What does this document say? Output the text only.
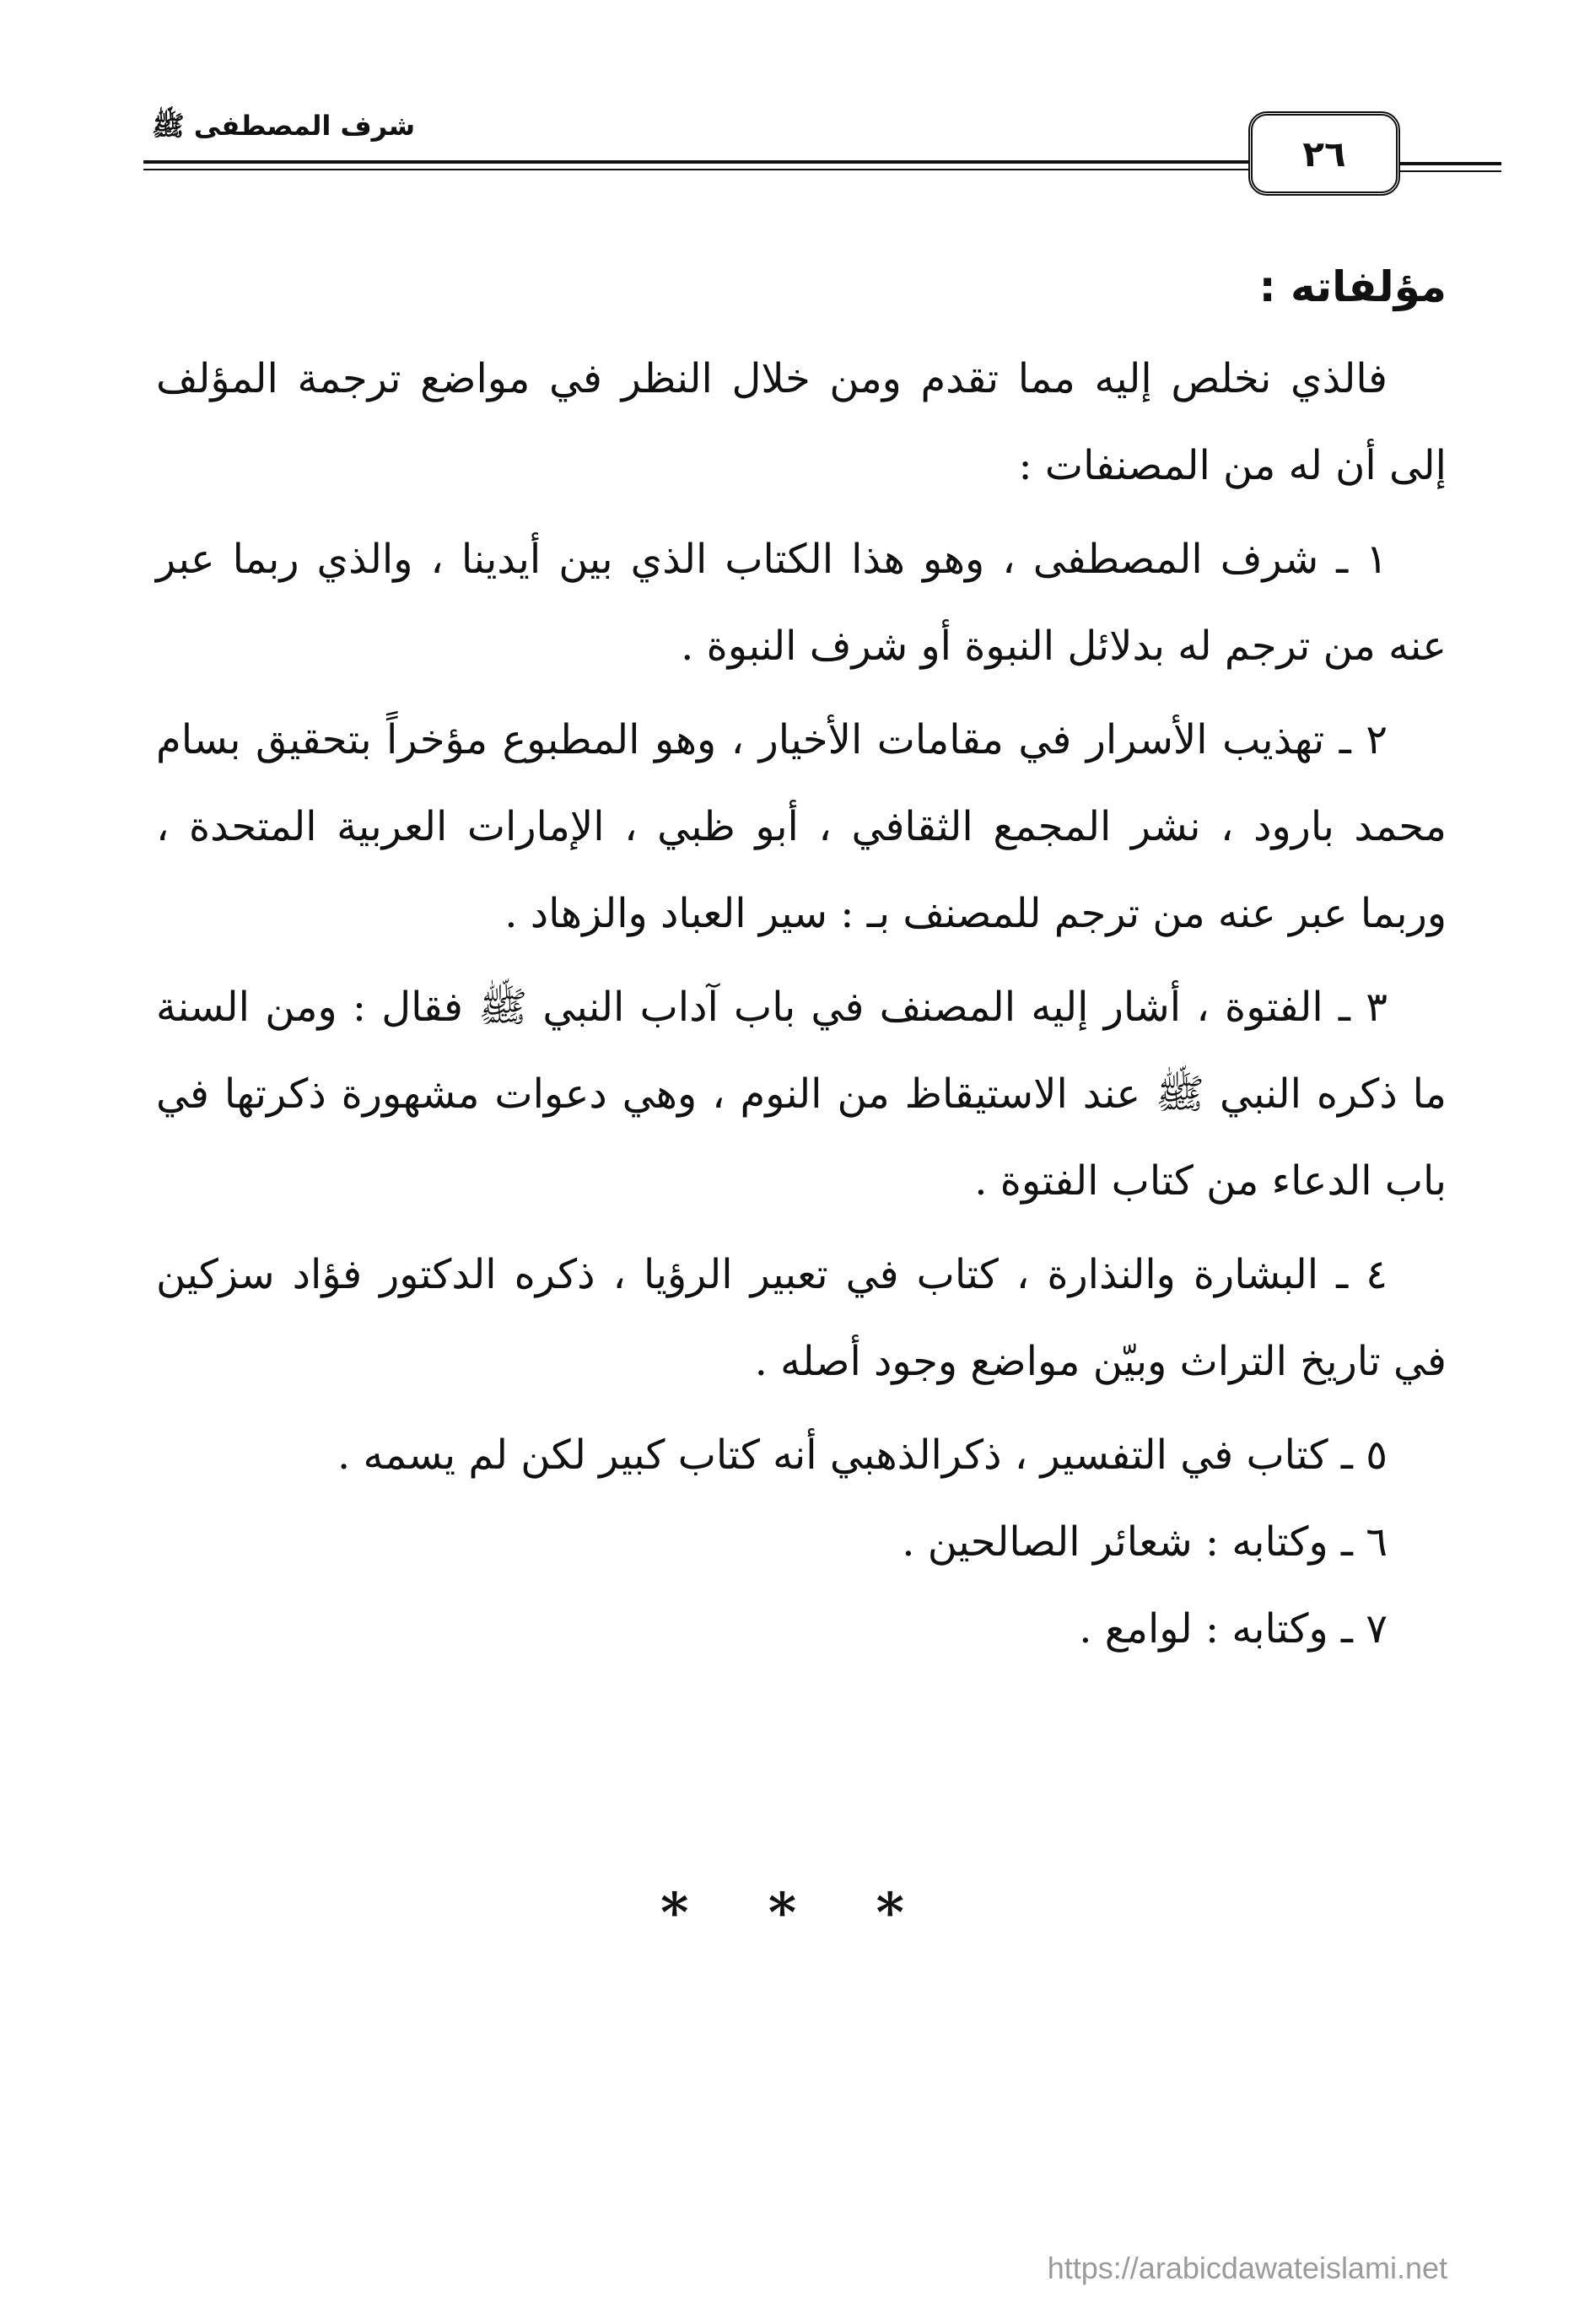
شرف المصطفى ﷺ
٢٦
مؤلفاته :

فالذي نخلص إليه مما تقدم ومن خلال النظر في مواضع ترجمة المؤلف إلى أن له من المصنفات :

١ ـ شرف المصطفى ، وهو هذا الكتاب الذي بين أيدينا ، والذي ربما عبر عنه من ترجم له بدلائل النبوة أو شرف النبوة .

٢ ـ تهذيب الأسرار في مقامات الأخيار ، وهو المطبوع مؤخراً بتحقيق بسام محمد بارود ، نشر المجمع الثقافي ، أبو ظبي ، الإمارات العربية المتحدة ، وربما عبر عنه من ترجم للمصنف بـ : سير العباد والزهاد .

٣ ـ الفتوة ، أشار إليه المصنف في باب آداب النبي ﷺ فقال : ومن السنة ما ذكره النبي ﷺ عند الاستيقاظ من النوم ، وهي دعوات مشهورة ذكرتها في باب الدعاء من كتاب الفتوة .

٤ ـ البشارة والنذارة ، كتاب في تعبير الرؤيا ، ذكره الدكتور فؤاد سزكين في تاريخ التراث وبيّن مواضع وجود أصله .

٥ ـ كتاب في التفسير ، ذكرالذهبي أنه كتاب كبير لكن لم يسمه .

٦ ـ وكتابه : شعائر الصالحين .

٧ ـ وكتابه : لوامع .

* * *
https://arabicdawateislami.net
